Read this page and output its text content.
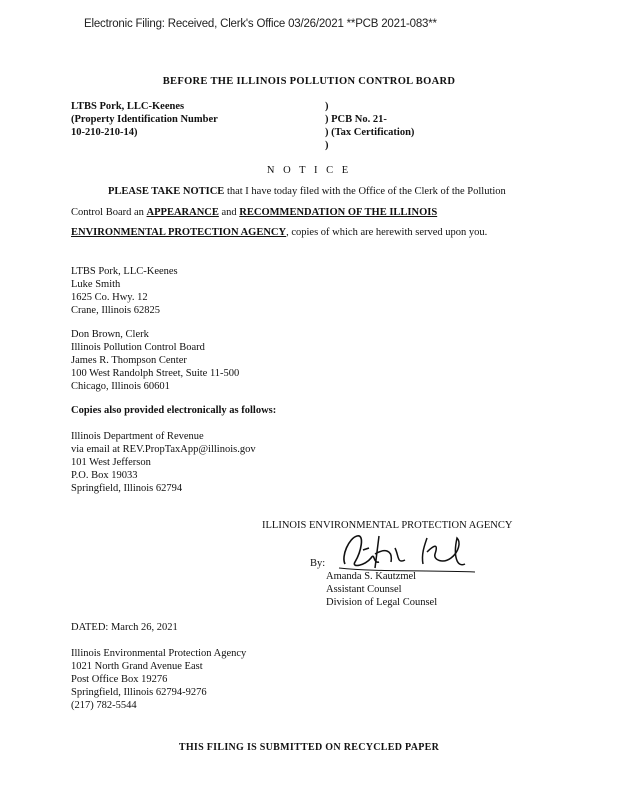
Electronic Filing: Received, Clerk's Office 03/26/2021 **PCB 2021-083**
BEFORE THE ILLINOIS POLLUTION CONTROL BOARD
LTBS Pork, LLC-Keenes
(Property Identification Number
10-210-210-14)
)
) PCB No. 21-
) (Tax Certification)
)
N O T I C E
PLEASE TAKE NOTICE that I have today filed with the Office of the Clerk of the Pollution
Control Board an APPEARANCE and RECOMMENDATION OF THE ILLINOIS
ENVIRONMENTAL PROTECTION AGENCY, copies of which are herewith served upon you.
LTBS Pork, LLC-Keenes
Luke Smith
1625 Co. Hwy. 12
Crane, Illinois 62825
Don Brown, Clerk
Illinois Pollution Control Board
James R. Thompson Center
100 West Randolph Street, Suite 11-500
Chicago, Illinois 60601
Copies also provided electronically as follows:
Illinois Department of Revenue
via email at REV.PropTaxApp@illinois.gov
101 West Jefferson
P.O. Box 19033
Springfield, Illinois 62794
ILLINOIS ENVIRONMENTAL PROTECTION AGENCY
By:
Amanda S. Kautzmel
Assistant Counsel
Division of Legal Counsel
DATED: March 26, 2021
Illinois Environmental Protection Agency
1021 North Grand Avenue East
Post Office Box 19276
Springfield, Illinois 62794-9276
(217) 782-5544
THIS FILING IS SUBMITTED ON RECYCLED PAPER
